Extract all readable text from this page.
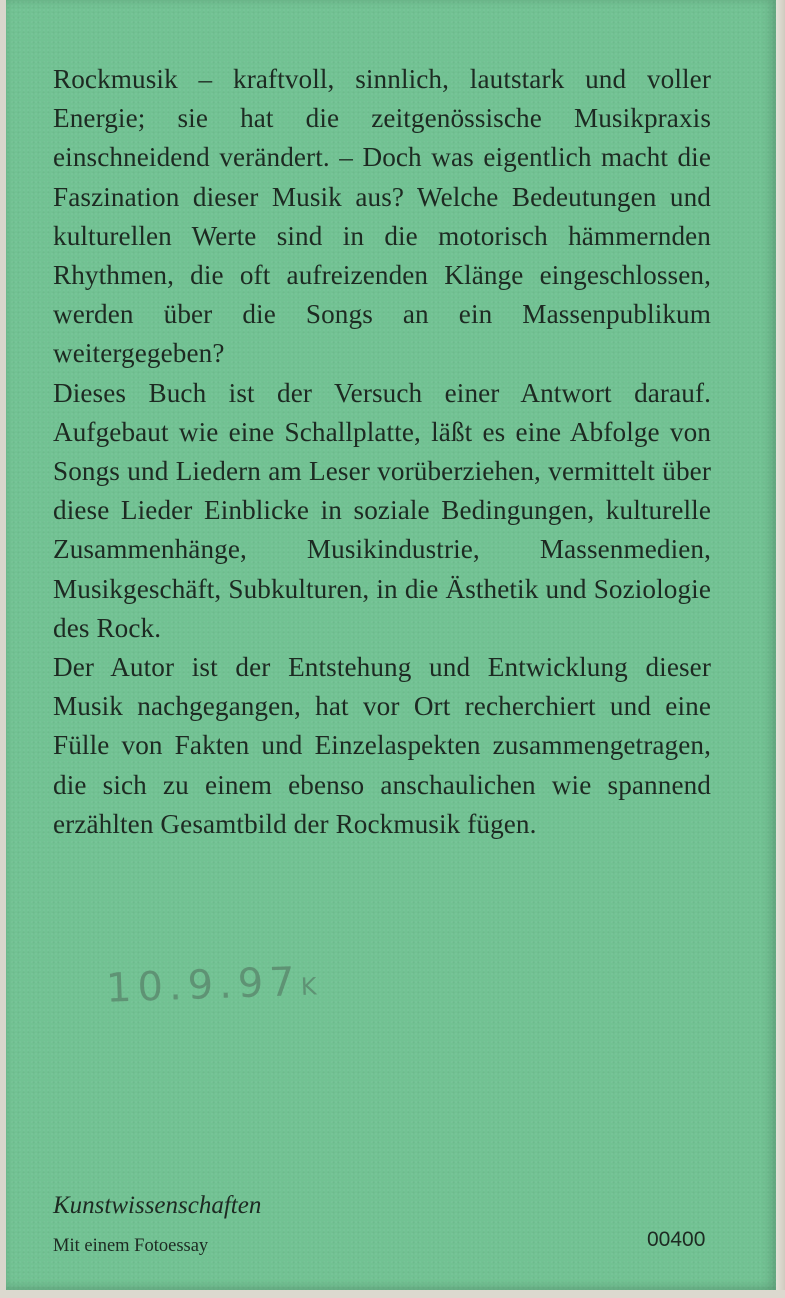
Rockmusik – kraftvoll, sinnlich, lautstark und voller Energie; sie hat die zeitgenössische Musikpraxis einschneidend verändert. – Doch was eigentlich macht die Faszination dieser Musik aus? Welche Bedeutungen und kulturellen Werte sind in die motorisch hämmernden Rhythmen, die oft aufreizenden Klänge eingeschlossen, werden über die Songs an ein Massenpublikum weitergegeben?

Dieses Buch ist der Versuch einer Antwort darauf. Aufgebaut wie eine Schallplatte, läßt es eine Abfolge von Songs und Liedern am Leser vorüberziehen, vermittelt über diese Lieder Einblicke in soziale Bedingungen, kulturelle Zusammenhänge, Musikindustrie, Massenmedien, Musikgeschäft, Subkulturen, in die Ästhetik und Soziologie des Rock.

Der Autor ist der Entstehung und Entwicklung dieser Musik nachgegangen, hat vor Ort recherchiert und eine Fülle von Fakten und Einzelaspekten zusammengetragen, die sich zu einem ebenso anschaulichen wie spannend erzählten Gesamtbild der Rockmusik fügen.

10.9.97K
Kunstwissenschaften
Mit einem Fotoessay	00400
